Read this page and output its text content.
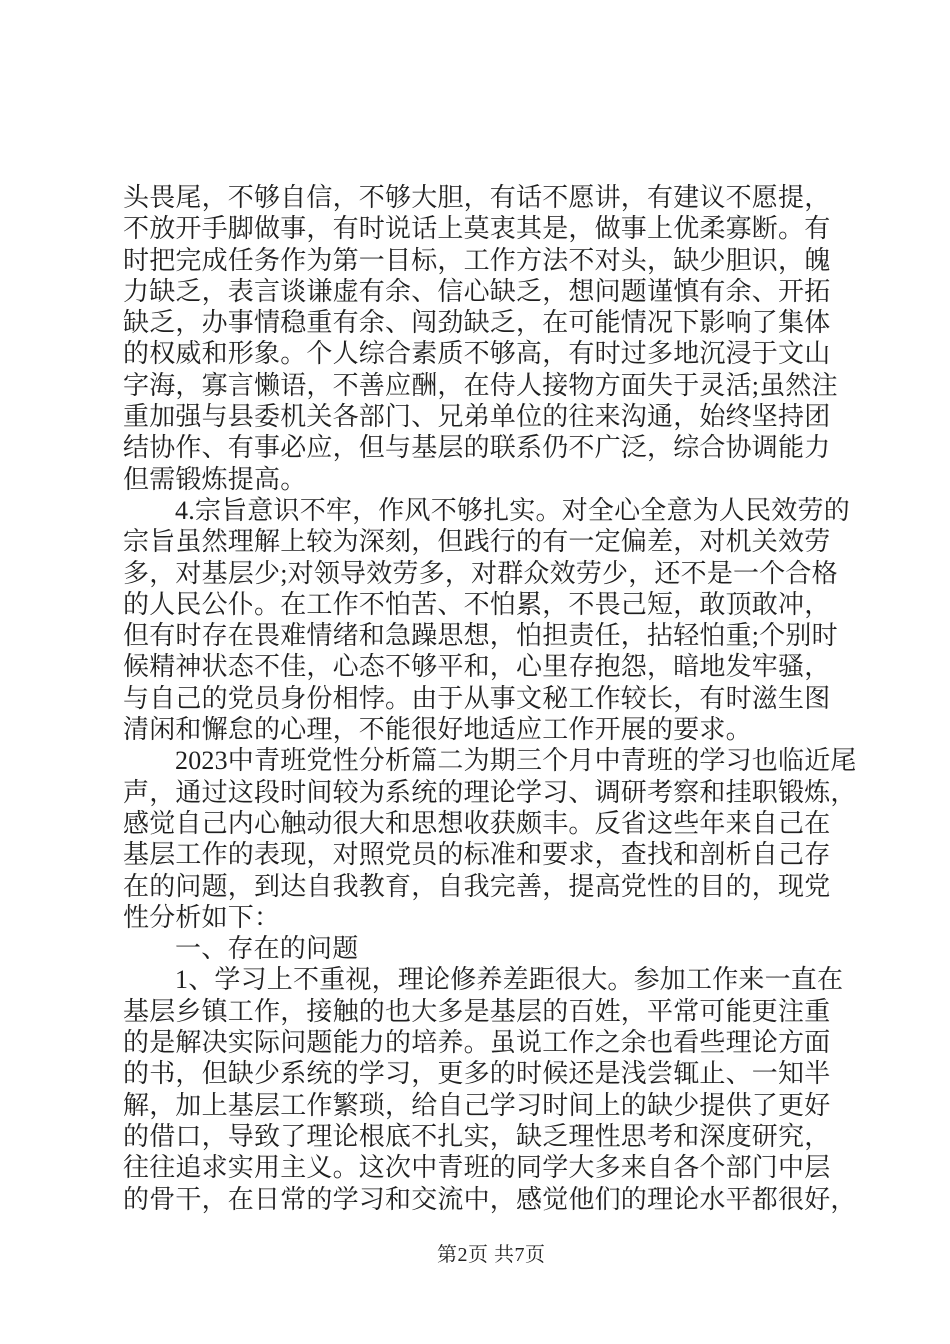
头畏尾，不够自信，不够大胆，有话不愿讲，有建议不愿提，
不放开手脚做事，有时说话上莫衷其是，做事上优柔寡断。有
时把完成任务作为第一目标，工作方法不对头，缺少胆识，魄
力缺乏，表言谈谦虚有余、信心缺乏，想问题谨慎有余、开拓
缺乏，办事情稳重有余、闯劲缺乏，在可能情况下影响了集体
的权威和形象。个人综合素质不够高，有时过多地沉浸于文山
字海，寡言懒语，不善应酬，在侍人接物方面失于灵活;虽然注
重加强与县委机关各部门、兄弟单位的往来沟通，始终坚持团
结协作、有事必应，但与基层的联系仍不广泛，综合协调能力
但需锻炼提高。
4.宗旨意识不牢，作风不够扎实。对全心全意为人民效劳的
宗旨虽然理解上较为深刻，但践行的有一定偏差，对机关效劳
多，对基层少;对领导效劳多，对群众效劳少，还不是一个合格
的人民公仆。在工作不怕苦、不怕累，不畏己短，敢顶敢冲，
但有时存在畏难情绪和急躁思想，怕担责任，拈轻怕重;个别时
候精神状态不佳，心态不够平和，心里存抱怨，暗地发牢骚，
与自己的党员身份相悖。由于从事文秘工作较长，有时滋生图
清闲和懈怠的心理，不能很好地适应工作开展的要求。
2023中青班党性分析篇二为期三个月中青班的学习也临近尾
声，通过这段时间较为系统的理论学习、调研考察和挂职锻炼，
感觉自己内心触动很大和思想收获颇丰。反省这些年来自己在
基层工作的表现，对照党员的标准和要求，查找和剖析自己存
在的问题，到达自我教育，自我完善，提高党性的目的，现党
性分析如下：
一、存在的问题
1、学习上不重视，理论修养差距很大。参加工作来一直在
基层乡镇工作，接触的也大多是基层的百姓，平常可能更注重
的是解决实际问题能力的培养。虽说工作之余也看些理论方面
的书，但缺少系统的学习，更多的时候还是浅尝辄止、一知半
解，加上基层工作繁琐，给自己学习时间上的缺少提供了更好
的借口，导致了理论根底不扎实，缺乏理性思考和深度研究，
往往追求实用主义。这次中青班的同学大多来自各个部门中层
的骨干，在日常的学习和交流中，感觉他们的理论水平都很好，
第2页 共7页
